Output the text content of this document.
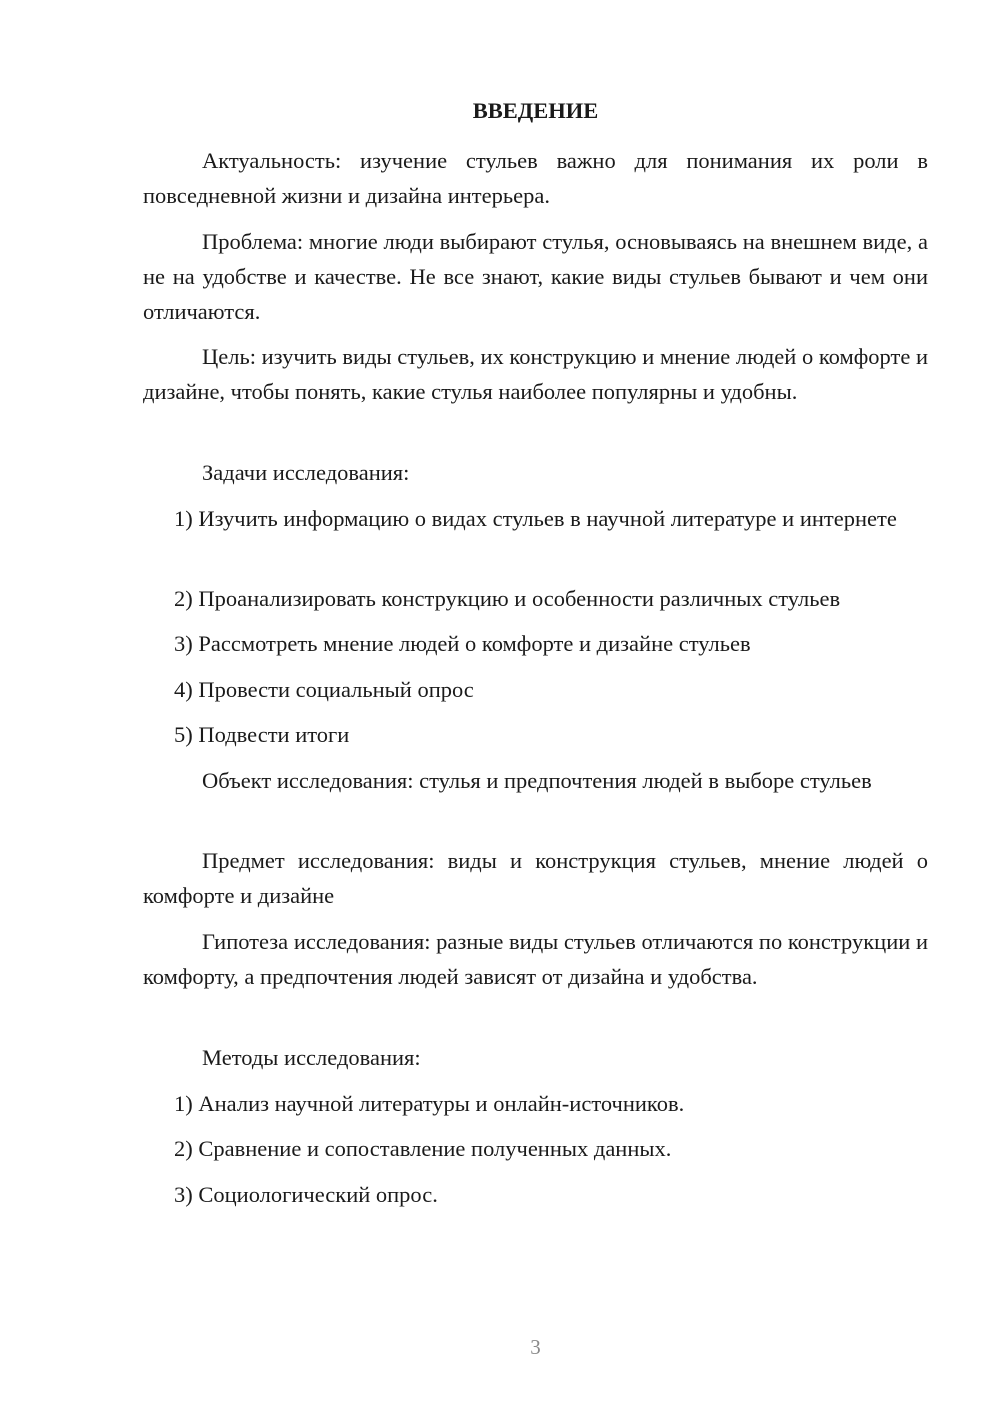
ВВЕДЕНИЕ

Актуальность: изучение стульев важно для понимания их роли в повседневной жизни и дизайна интерьера.

Проблема: многие люди выбирают стулья, основываясь на внешнем виде, а не на удобстве и качестве. Не все знают, какие виды стульев бывают и чем они отличаются.

Цель: изучить виды стульев, их конструкцию и мнение людей о комфорте и дизайне, чтобы понять, какие стулья наиболее популярны и удобны.

Задачи исследования:

1) Изучить информацию о видах стульев в научной литературе и интернете

2) Проанализировать конструкцию и особенности различных стульев

3) Рассмотреть мнение людей о комфорте и дизайне стульев

4) Провести социальный опрос

5) Подвести итоги

Объект исследования: стулья и предпочтения людей в выборе стульев

Предмет исследования: виды и конструкция стульев, мнение людей о комфорте и дизайне

Гипотеза исследования: разные виды стульев отличаются по конструкции и комфорту, а предпочтения людей зависят от дизайна и удобства.

Методы исследования:

1) Анализ научной литературы и онлайн-источников.

2) Сравнение и сопоставление полученных данных.

3) Социологический опрос.

3
